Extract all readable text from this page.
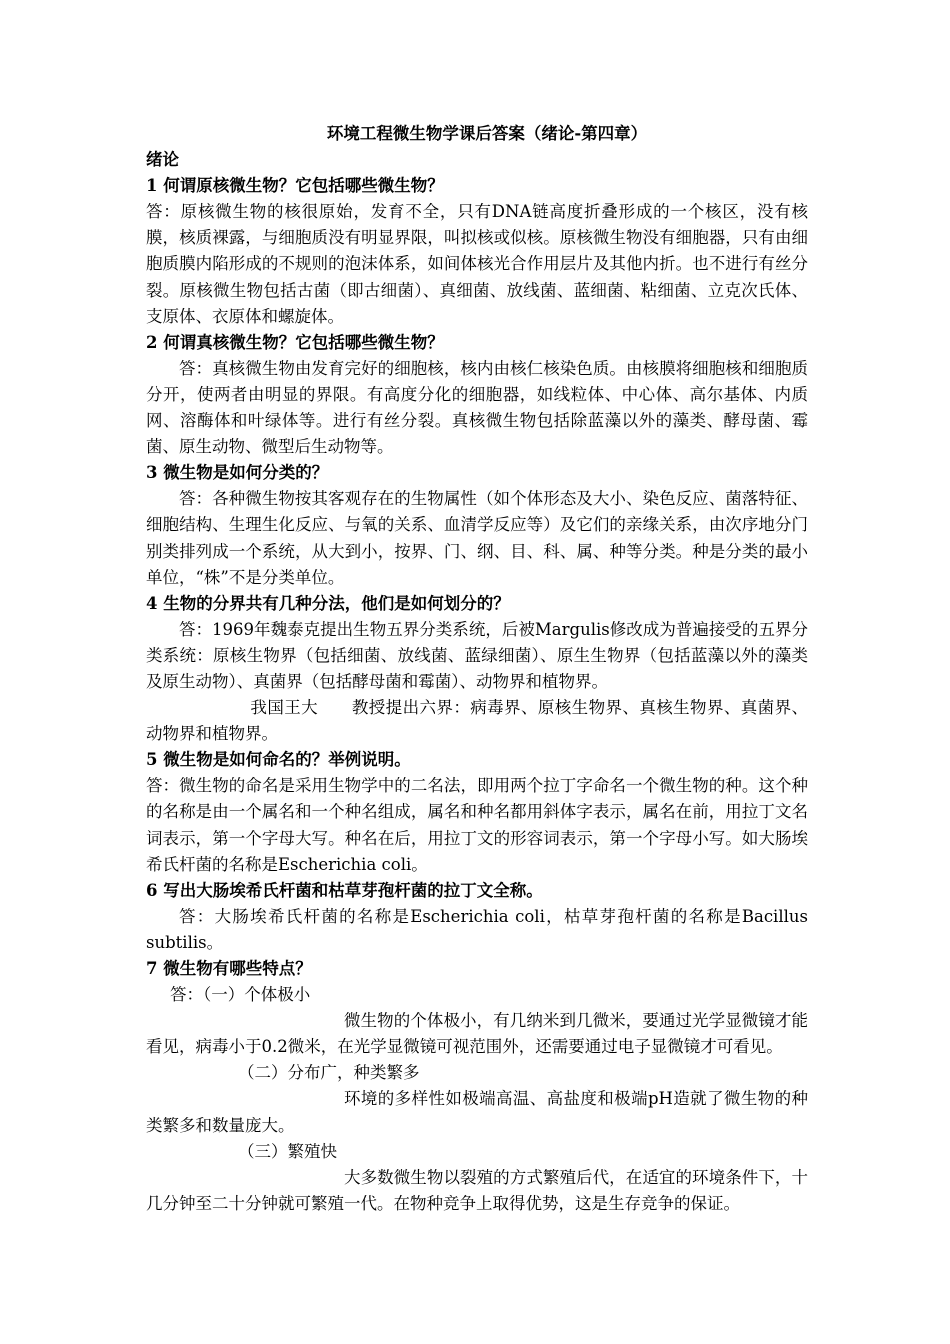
环境工程微生物学课后答案（绪论-第四章）
绪论
1 何谓原核微生物？它包括哪些微生物？
答：原核微生物的核很原始，发育不全，只有DNA链高度折叠形成的一个核区，没有核膜，核质裸露，与细胞质没有明显界限，叫拟核或似核。原核微生物没有细胞器，只有由细胞质膜内陷形成的不规则的泡沫体系，如间体核光合作用层片及其他内折。也不进行有丝分裂。原核微生物包括古菌（即古细菌）、真细菌、放线菌、蓝细菌、粘细菌、立克次氏体、支原体、衣原体和螺旋体。
2 何谓真核微生物？它包括哪些微生物？
答：真核微生物由发育完好的细胞核，核内由核仁核染色质。由核膜将细胞核和细胞质分开，使两者由明显的界限。有高度分化的细胞器，如线粒体、中心体、高尔基体、内质网、溶酶体和叶绿体等。进行有丝分裂。真核微生物包括除蓝藻以外的藻类、酵母菌、霉菌、原生动物、微型后生动物等。
3 微生物是如何分类的？
答：各种微生物按其客观存在的生物属性（如个体形态及大小、染色反应、菌落特征、细胞结构、生理生化反应、与氧的关系、血清学反应等）及它们的亲缘关系，由次序地分门别类排列成一个系统，从大到小，按界、门、纲、目、科、属、种等分类。种是分类的最小单位，“株”不是分类单位。
4 生物的分界共有几种分法，他们是如何划分的？
答：1969年魏泰克提出生物五界分类系统，后被Margulis修改成为普遍接受的五界分类系统：原核生物界（包括细菌、放线菌、蓝绿细菌）、原生生物界（包括蓝藻以外的藻类及原生动物）、真菌界（包括酵母菌和霉菌）、动物界和植物界。
我国王大　　教授提出六界：病毒界、原核生物界、真核生物界、真菌界、动物界和植物界。
5 微生物是如何命名的？举例说明。
答：微生物的命名是采用生物学中的二名法，即用两个拉丁字命名一个微生物的种。这个种的名称是由一个属名和一个种名组成，属名和种名都用斜体字表示，属名在前，用拉丁文名词表示，第一个字母大写。种名在后，用拉丁文的形容词表示，第一个字母小写。如大肠埃希氏杆菌的名称是Escherichia coli。
6 写出大肠埃希氏杆菌和枯草芽孢杆菌的拉丁文全称。
答：大肠埃希氏杆菌的名称是Escherichia coli，枯草芽孢杆菌的名称是Bacillus subtilis。
7 微生物有哪些特点？
答：（一）个体极小
微生物的个体极小，有几纳米到几微米，要通过光学显微镜才能看见，病毒小于0.2微米，在光学显微镜可视范围外，还需要通过电子显微镜才可看见。
（二）分布广，种类繁多
环境的多样性如极端高温、高盐度和极端pH造就了微生物的种类繁多和数量庞大。
（三）繁殖快
大多数微生物以裂殖的方式繁殖后代，在适宜的环境条件下，十几分钟至二十分钟就可繁殖一代。在物种竞争上取得优势，这是生存竞争的保证。
